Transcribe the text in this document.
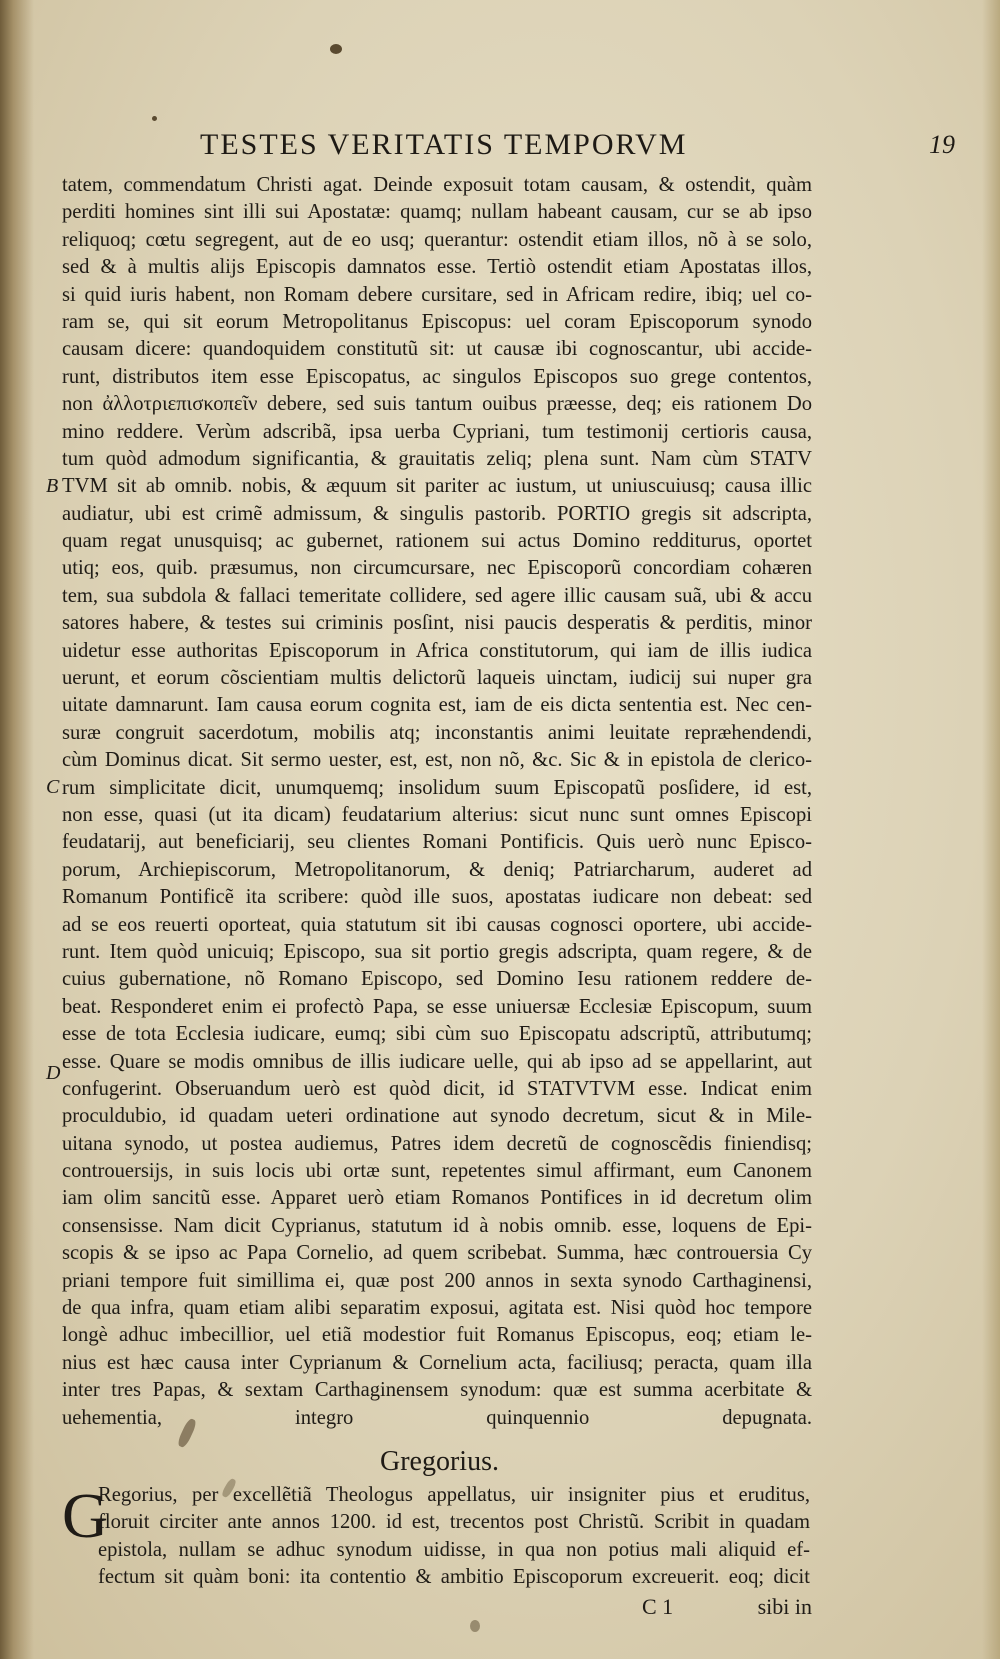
TESTES VERITATIS TEMPORVM	19
B
C
D

tatem, commendatum Christi agat. Deinde exposuit totam causam, & ostendit, quàm

perditi homines sint illi sui Apostatæ: quamq; nullam habeant causam, cur se ab ipso

reliquoq; cœtu segregent, aut de eo usq; querantur: ostendit etiam illos, nõ à se solo,

sed & à multis alijs Episcopis damnatos esse. Tertiò ostendit etiam Apostatas illos,

si quid iuris habent, non Romam debere cursitare, sed in Africam redire, ibiq; uel co-

ram se, qui sit eorum Metropolitanus Episcopus: uel coram Episcoporum synodo

causam dicere: quandoquidem constitutũ sit: ut causæ ibi cognoscantur, ubi accide-

runt, distributos item esse Episcopatus, ac singulos Episcopos suo grege contentos,

non ἀλλοτριεπισκοπεῖν debere, sed suis tantum ouibus præesse, deq; eis rationem Do

mino reddere. Verùm adscribã, ipsa uerba Cypriani, tum testimonij certioris causa,

tum quòd admodum significantia, & grauitatis zeliq; plena sunt. Nam cùm STATV

TVM sit ab omnib. nobis, & æquum sit pariter ac iustum, ut uniuscuiusq; causa illic

audiatur, ubi est crimẽ admissum, & singulis pastorib. PORTIO gregis sit adscripta,

quam regat unusquisq; ac gubernet, rationem sui actus Domino redditurus, oportet

utiq; eos, quib. præsumus, non circumcursare, nec Episcoporũ concordiam cohæren

tem, sua subdola & fallaci temeritate collidere, sed agere illic causam suã, ubi & accu

satores habere, & testes sui criminis posſint, nisi paucis desperatis & perditis, minor

uidetur esse authoritas Episcoporum in Africa constitutorum, qui iam de illis iudica

uerunt, et eorum cõscientiam multis delictorũ laqueis uinctam, iudicij sui nuper gra

uitate damnarunt. Iam causa eorum cognita est, iam de eis dicta sententia est. Nec cen-

suræ congruit sacerdotum, mobilis atq; inconstantis animi leuitate repræhendendi,

cùm Dominus dicat. Sit sermo uester, est, est, non nõ, &c. Sic & in epistola de clerico-

rum simplicitate dicit, unumquemq; insolidum suum Episcopatũ posſidere, id est,

non esse, quasi (ut ita dicam) feudatarium alterius: sicut nunc sunt omnes Episcopi

feudatarij, aut beneficiarij, seu clientes Romani Pontificis. Quis uerò nunc Episco-

porum, Archiepiscorum, Metropolitanorum, & deniq; Patriarcharum, auderet ad

Romanum Pontificẽ ita scribere: quòd ille suos, apostatas iudicare non debeat: sed

ad se eos reuerti oporteat, quia statutum sit ibi causas cognosci oportere, ubi accide-

runt. Item quòd unicuiq; Episcopo, sua sit portio gregis adscripta, quam regere, & de

cuius gubernatione, nõ Romano Episcopo, sed Domino Iesu rationem reddere de-

beat. Responderet enim ei profectò Papa, se esse uniuersæ Ecclesiæ Episcopum, suum

esse de tota Ecclesia iudicare, eumq; sibi cùm suo Episcopatu adscriptũ, attributumq;

esse. Quare se modis omnibus de illis iudicare uelle, qui ab ipso ad se appellarint, aut

confugerint. Obseruandum uerò est quòd dicit, id STATVTVM esse. Indicat enim

proculdubio, id quadam ueteri ordinatione aut synodo decretum, sicut & in Mile-

uitana synodo, ut postea audiemus, Patres idem decretũ de cognoscẽdis finiendisq;

controuersijs, in suis locis ubi ortæ sunt, repetentes simul affirmant, eum Canonem

iam olim sancitũ esse. Apparet uerò etiam Romanos Pontifices in id decretum olim

consensisse. Nam dicit Cyprianus, statutum id à nobis omnib. esse, loquens de Epi-

scopis & se ipso ac Papa Cornelio, ad quem scribebat. Summa, hæc controuersia Cy

priani tempore fuit simillima ei, quæ post 200 annos in sexta synodo Carthaginensi,

de qua infra, quam etiam alibi separatim exposui, agitata est. Nisi quòd hoc tempore

longè adhuc imbecillior, uel etiã modestior fuit Romanus Episcopus, eoq; etiam le-

nius est hæc causa inter Cyprianum & Cornelium acta, faciliusq; peracta, quam illa

inter tres Papas, & sextam Carthaginensem synodum: quæ est summa acerbitate &

uehementia, integro quinquennio depugnata.

Gregorius.
G

Regorius, per excellẽtiã Theologus appellatus, uir insigniter pius et eruditus,

floruit circiter ante annos 1200. id est, trecentos post Christũ. Scribit in quadam

epistola, nullam se adhuc synodum uidisse, in qua non potius mali aliquid ef-

fectum sit quàm boni: ita contentio & ambitio Episcoporum excreuerit. eoq; dicit

C 1	sibi in
